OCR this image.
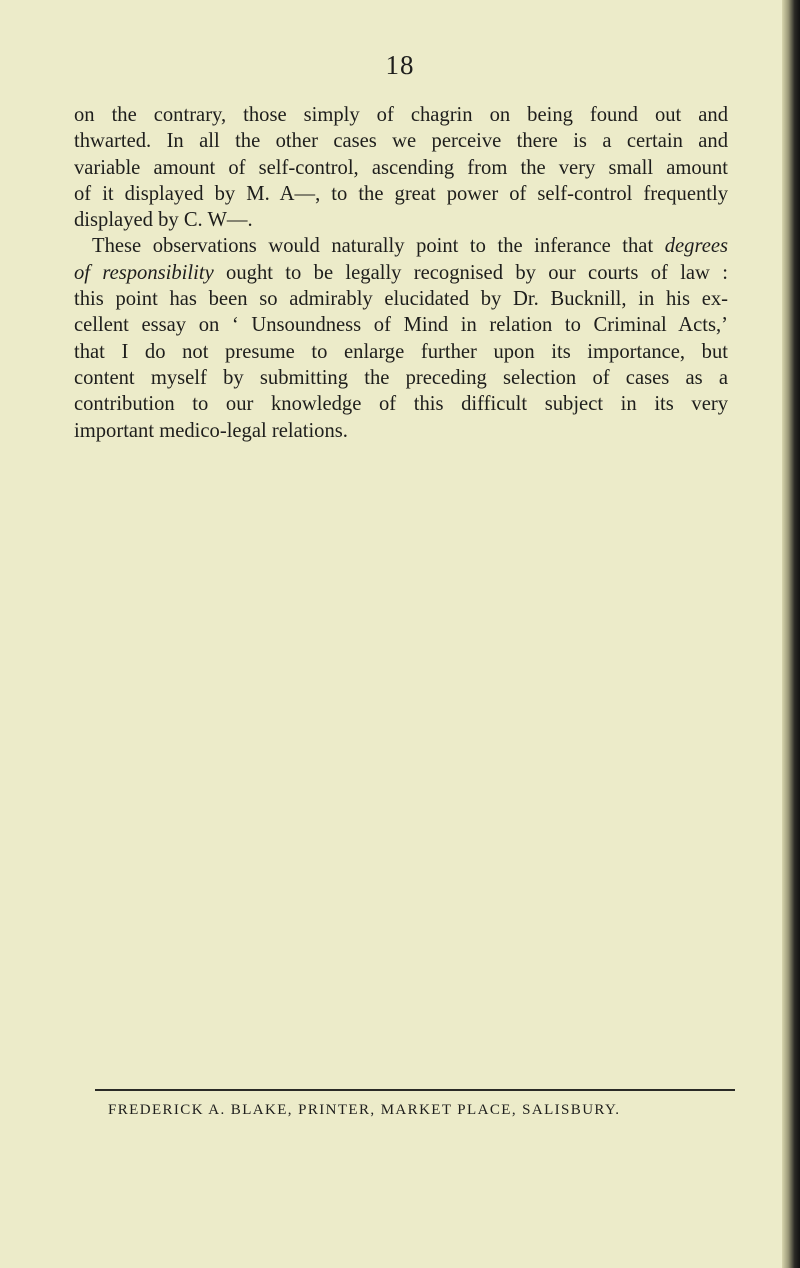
18

on the contrary, those simply of chagrin on being found out and
thwarted. In all the other cases we perceive there is a certain and
variable amount of self-control, ascending from the very small amount
of it displayed by M. A—, to the great power of self-control frequently
displayed by C. W—.

These observations would naturally point to the inferance that degrees
of responsibility ought to be legally recognised by our courts of law :
this point has been so admirably elucidated by Dr. Bucknill, in his ex-
cellent essay on ‘ Unsoundness of Mind in relation to Criminal Acts,’
that I do not presume to enlarge further upon its importance, but
content myself by submitting the preceding selection of cases as a
contribution to our knowledge of this difficult subject in its very
important medico-legal relations.

FREDERICK A. BLAKE, PRINTER, MARKET PLACE, SALISBURY.
